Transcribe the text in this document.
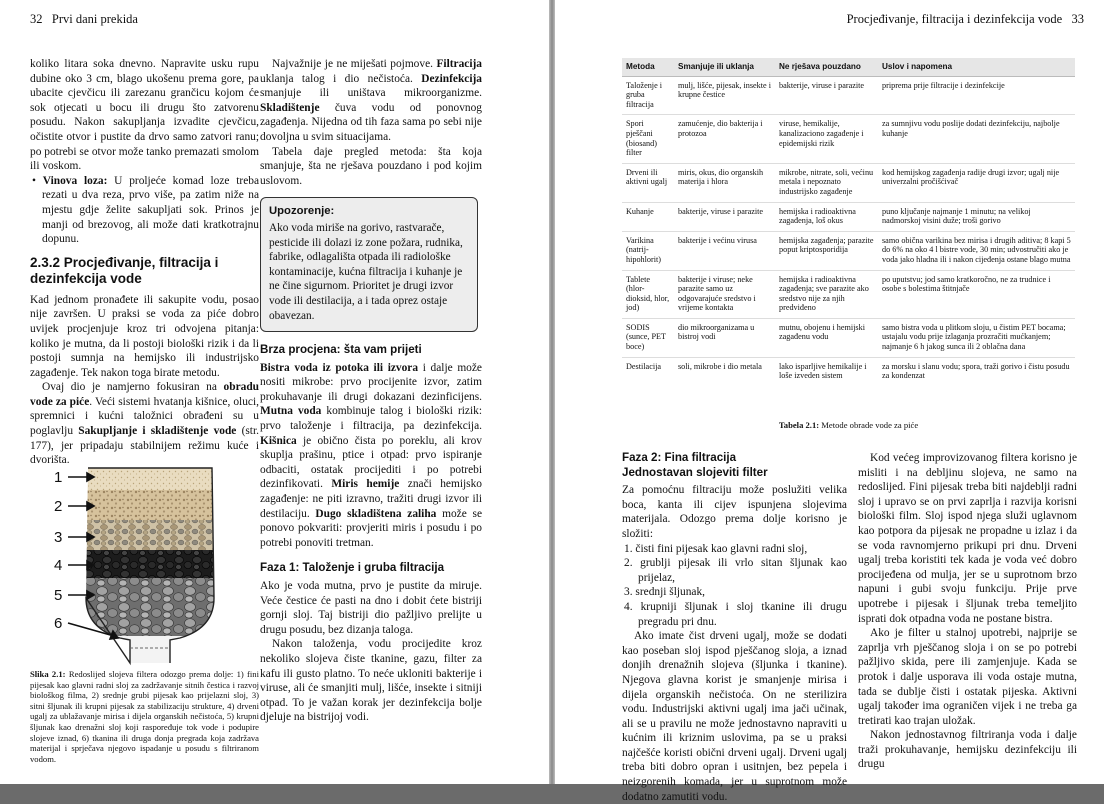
32 Prvi dani prekida

koliko litara soka dnevno. Napravite usku rupu dubine oko 3 cm, blago ukošenu prema gore, pa ubacite cjevčicu ili zarezanu grančicu kojom će sok otjecati u bocu ili drugu što zatvorenu posudu. Nakon sakupljanja izvadite cjevčicu, očistite otvor i pustite da drvo samo zatvori ranu; po potrebi se otvor može tanko premazati smolom ili voskom.

• Vinova loza: U proljeće komad loze treba rezati u dva reza, prvo više, pa zatim niže na mjestu gdje želite sakupljati sok. Prinos je manji od brezovog, ali može dati kratkotrajnu dopunu.

2.3.2 Procjeđivanje, filtracija i dezinfekcija vode

Kad jednom pronađete ili sakupite vodu, posao nije završen. U praksi se voda za piće dobro uvijek procjenjuje kroz tri odvojena pitanja: koliko je mutna, da li postoji biološki rizik i da li postoji sumnja na hemijsko ili industrijsko zagađenje. Tek nakon toga birate metodu.

Ovaj dio je namjerno fokusiran na obradu vode za piće. Veći sistemi hvatanja kišnice, oluci, spremnici i kućni taložnici obrađeni su u poglavlju Sakupljanje i skladištenje vode (str. 177), jer pripadaju stabilnijem režimu kuće i dvorišta.

1
2
3
4
5
6
Slika 2.1: Redoslijed slojeva filtera odozgo prema dolje: 1) fini pijesak kao glavni radni sloj za zadržavanje sitnih čestica i razvoj biološkog filma, 2) srednje grubi pijesak kao prijelazni sloj, 3) sitni šljunak ili krupni pijesak za stabilizaciju strukture, 4) drveni ugalj za ublažavanje mirisa i dijela organskih nečistoća, 5) krupni šljunak kao drenažni sloj koji raspoređuje tok vode i podupire slojeve iznad, 6) tkanina ili druga donja pregrada koja zadržava materijal i sprječava njegovo ispadanje u posudu s filtriranom vodom.

Najvažnije je ne miješati pojmove. Filtracija uklanja talog i dio nečistoća. Dezinfekcija smanjuje ili uništava mikroorganizme. Skladištenje čuva vodu od ponovnog zagađenja. Nijedna od tih faza sama po sebi nije dovoljna u svim situacijama.

Tabela daje pregled metoda: šta koja smanjuje, šta ne rješava pouzdano i pod kojim uslovom.

Upozorenje:
Ako voda miriše na gorivo, rastvarače, pesticide ili dolazi iz zone požara, rudnika, fabrike, odlagališta otpada ili radiološke kontaminacije, kućna filtracija i kuhanje je ne čine sigurnom. Prioritet je drugi izvor vode ili destilacija, a i tada oprez ostaje obavezan.
Brza procjena: šta vam prijeti

Bistra voda iz potoka ili izvora i dalje može nositi mikrobe: prvo procijenite izvor, zatim prokuhavanje ili drugi dokazani dezinficijens. Mutna voda kombinuje talog i biološki rizik: prvo taloženje i filtracija, pa dezinfekcija. Kišnica je obično čista po poreklu, ali krov skuplja prašinu, ptice i otpad: prvo ispiranje odbaciti, ostatak procijediti i po potrebi dezinfikovati. Miris hemije znači hemijsko zagađenje: ne piti izravno, tražiti drugi izvor ili destilaciju. Dugo skladištena zaliha može se ponovo pokvariti: provjeriti miris i posudu i po potrebi ponoviti tretman.

Faza 1: Taloženje i gruba filtracija

Ako je voda mutna, prvo je pustite da miruje. Veće čestice će pasti na dno i dobit ćete bistriji gornji sloj. Taj bistriji dio pažljivo prelijte u drugu posudu, bez dizanja taloga.

Nakon taloženja, vodu procijedite kroz nekoliko slojeva čiste tkanine, gazu, filter za kafu ili gusto platno. To neće ukloniti bakterije i viruse, ali će smanjiti mulj, lišće, insekte i sitniji otpad. To je važan korak jer dezinfekcija bolje djeluje na bistrijoj vodi.

Procjeđivanje, filtracija i dezinfekcija vode 33
Metoda	Smanjuje ili uklanja	Ne rješava pouzdano	Uslov i napomena
Taloženje i gruba filtracija	mulj, lišće, pijesak, insekte i krupne čestice	bakterije, viruse i parazite	priprema prije filtracije i dezinfekcije
Spori pješčani (biosand) filter	zamućenje, dio bakterija i protozoa	viruse, hemikalije, kanalizaciono zagađenje i epidemijski rizik	za sumnjivu vodu poslije dodati dezinfekciju, najbolje kuhanje
Drveni ili aktivni ugalj	miris, okus, dio organskih materija i hlora	mikrobe, nitrate, soli, većinu metala i nepoznato industrijsko zagađenje	kod hemijskog zagađenja radije drugi izvor; ugalj nije univerzalni pročišćivač
Kuhanje	bakterije, viruse i parazite	hemijska i radioaktivna zagađenja, loš okus	puno ključanje najmanje 1 minutu; na velikoj nadmorskoj visini duže; troši gorivo
Varikina (natrij-hipohlorit)	bakterije i većinu virusa	hemijska zagađenja; parazite poput kriptosporidija	samo obična varikina bez mirisa i drugih aditiva; 8 kapi 5 do 6% na oko 4 l bistre vode, 30 min; udvostručiti ako je voda jako hladna ili i nakon cijeđenja ostane blago mutna
Tablete (hlor-dioksid, hlor, jod)	bakterije i viruse; neke parazite samo uz odgovarajuće sredstvo i vrijeme kontakta	hemijska i radioaktivna zagađenja; sve parazite ako sredstvo nije za njih predviđeno	po uputstvu; jod samo kratkoročno, ne za trudnice i osobe s bolestima štitnjače
SODIS (sunce, PET boce)	dio mikroorganizama u bistroj vodi	mutnu, obojenu i hemijski zagađenu vodu	samo bistra voda u plitkom sloju, u čistim PET bocama; ustajalu vodu prije izlaganja prozračiti mućkanjem; najmanje 6 h jakog sunca ili 2 oblačna dana
Destilacija	soli, mikrobe i dio metala	lako isparljive hemikalije i loše izveden sistem	za morsku i slanu vodu; spora, traži gorivo i čistu posudu za kondenzat
Tabela 2.1: Metode obrade vode za piće
Faza 2: Fina filtracija
Jednostavan slojeviti filter

Za pomoćnu filtraciju može poslužiti velika boca, kanta ili cijev ispunjena slojevima materijala. Odozgo prema dolje korisno je složiti:

1. čisti fini pijesak kao glavni radni sloj,
2. grublji pijesak ili vrlo sitan šljunak kao prijelaz,
3. srednji šljunak,
4. krupniji šljunak i sloj tkanine ili drugu pregradu pri dnu.

Ako imate čist drveni ugalj, može se dodati kao poseban sloj ispod pješčanog sloja, a iznad donjih drenažnih slojeva (šljunka i tkanine). Njegova glavna korist je smanjenje mirisa i dijela organskih nečistoća. On ne sterilizira vodu. Industrijski aktivni ugalj ima jači učinak, ali se u pravilu ne može jednostavno napraviti u kućnim ili kriznim uslovima, pa se u praksi najčešće koristi obični drveni ugalj. Drveni ugalj treba biti dobro opran i usitnjen, bez pepela i neizgorenih komada, jer u suprotnom može dodatno zamutiti vodu.

Kod većeg improvizovanog filtera korisno je misliti i na debljinu slojeva, ne samo na redoslijed. Fini pijesak treba biti najdeblji radni sloj i upravo se on prvi zaprlja i razvija korisni biološki film. Sloj ispod njega služi uglavnom kao potpora da pijesak ne propadne u izlaz i da se voda ravnomjerno prikupi pri dnu. Drveni ugalj treba koristiti tek kada je voda već dobro procijeđena od mulja, jer se u suprotnom brzo napuni i gubi svoju funkciju. Prije prve upotrebe i pijesak i šljunak treba temeljito isprati dok otpadna voda ne postane bistra.

Ako je filter u stalnoj upotrebi, najprije se zaprlja vrh pješčanog sloja i on se po potrebi pažljivo skida, pere ili zamjenjuje. Kada se protok i dalje usporava ili voda ostaje mutna, tada se dublje čisti i ostatak pijeska. Aktivni ugalj također ima ograničen vijek i ne treba ga tretirati kao trajan uložak.

Nakon jednostavnog filtriranja voda i dalje traži prokuhavanje, hemijsku dezinfekciju ili drugu
